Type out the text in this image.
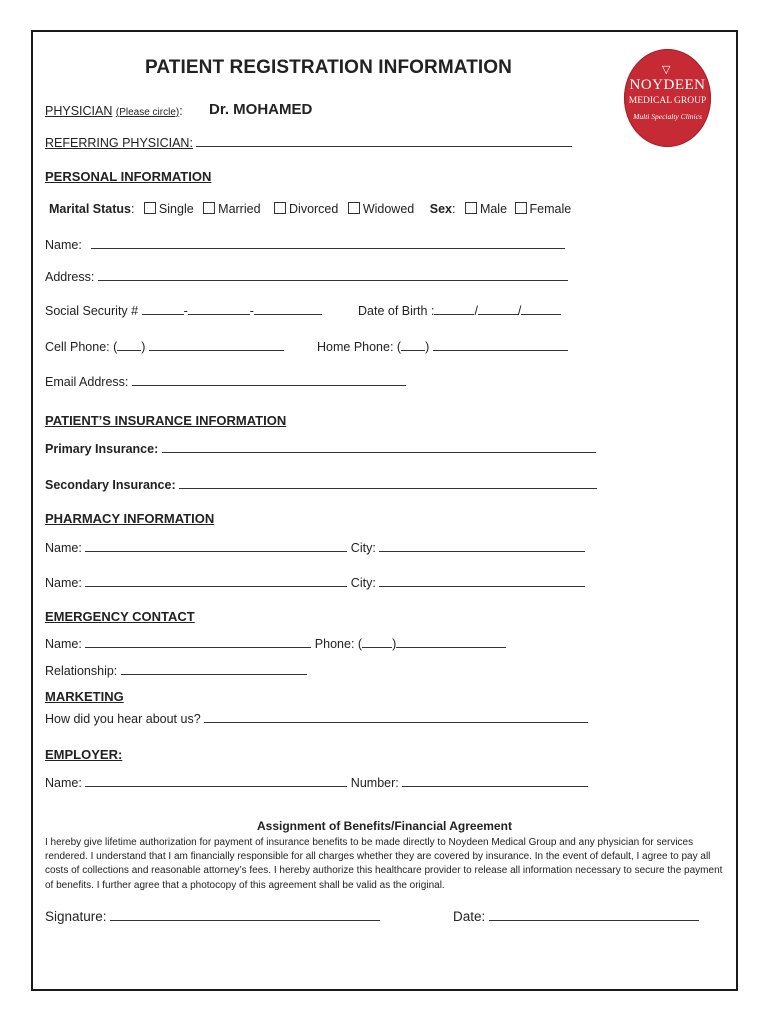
PATIENT REGISTRATION INFORMATION	▽
NOYDEEN
MEDICAL GROUP
Multi Specialty Clinics
PHYSICIAN (Please circle): Dr. MOHAMED
REFERRING PHYSICIAN:
PERSONAL INFORMATION
Marital Status: Single Married Divorced Widowed Sex: Male Female
Name:
Address:
Social Security #	-	-	Date of Birth :	/	/
Cell Phone: ( )	Home Phone: ( )
Email Address:
PATIENT’S INSURANCE INFORMATION
Primary Insurance:
Secondary Insurance:
PHARMACY INFORMATION
Name:	City:
Name:	City:
EMERGENCY CONTACT
Name:	Phone: ( )
Relationship:
MARKETING
How did you hear about us?
EMPLOYER:
Name:	Number:
Assignment of Benefits/Financial Agreement
I hereby give lifetime authorization for payment of insurance benefits to be made directly to Noydeen Medical Group and any physician for services rendered. I understand that I am financially responsible for all charges whether they are covered by insurance. In the event of default, I agree to pay all costs of collections and reasonable attorney’s fees. I hereby authorize this healthcare provider to release all information necessary to secure the payment of benefits. I further agree that a photocopy of this agreement shall be valid as the original.
Signature:	Date:
